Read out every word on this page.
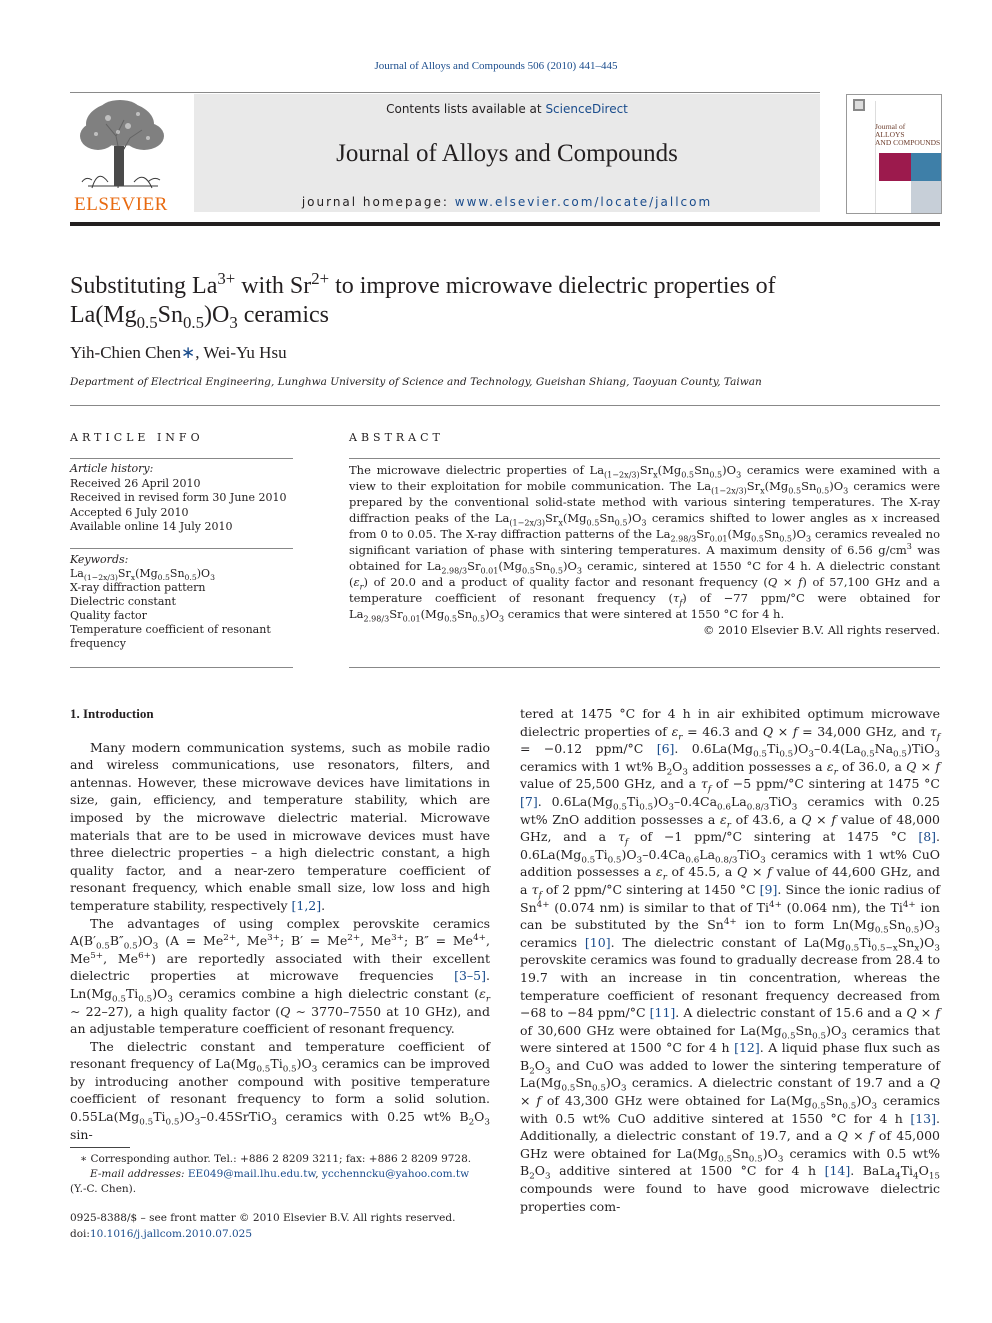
Journal of Alloys and Compounds 506 (2010) 441–445
ELSEVIER
Contents lists available at ScienceDirect
Journal of Alloys and Compounds
journal homepage: www.elsevier.com/locate/jallcom
Journal of
ALLOYS
AND COMPOUNDS
Substituting $La^{3+}$ with $Sr^{2+}$ to improve microwave dielectric properties of
$La(Mg_{0.5}Sn_{0.5})O_3$ ceramics
Yih-Chien Chen∗, Wei-Yu Hsu
Department of Electrical Engineering, Lunghwa University of Science and Technology, Gueishan Shiang, Taoyuan County, Taiwan
ARTICLE INFO	ABSTRACT
Article history:
Received 26 April 2010
Received in revised form 30 June 2010
Accepted 6 July 2010
Available online 14 July 2010
Keywords:
$La_{(1-2x/3)}Sr_x(Mg_{0.5}Sn_{0.5})O_3$
X-ray diffraction pattern
Dielectric constant
Quality factor
Temperature coefficient of resonant frequency
The microwave dielectric properties of $La_{(1-2x/3)}Sr_x(Mg_{0.5}Sn_{0.5})O_3$ ceramics were examined with a view to their exploitation for mobile communication. The $La_{(1-2x/3)}Sr_x(Mg_{0.5}Sn_{0.5})O_3$ ceramics were prepared by the conventional solid-state method with various sintering temperatures. The X-ray diffraction peaks of the $La_{(1-2x/3)}Sr_x(Mg_{0.5}Sn_{0.5})O_3$ ceramics shifted to lower angles as x increased from 0 to 0.05. The X-ray diffraction patterns of the $La_{2.98/3}Sr_{0.01}(Mg_{0.5}Sn_{0.5})O_3$ ceramics revealed no significant variation of phase with sintering temperatures. A maximum density of 6.56 $g/cm^3$ was obtained for $La_{2.98/3}Sr_{0.01}(Mg_{0.5}Sn_{0.5})O_3$ ceramic, sintered at 1550 °C for 4 h. A dielectric constant $(\varepsilon_r)$ of 20.0 and a product of quality factor and resonant frequency (Q × f) of 57,100 GHz and a temperature coefficient of resonant frequency $(\tau_f)$ of −77 ppm/°C were obtained for $La_{2.98/3}Sr_{0.01}(Mg_{0.5}Sn_{0.5})O_3$ ceramics that were sintered at 1550 °C for 4 h.
© 2010 Elsevier B.V. All rights reserved.
1. Introduction

Many modern communication systems, such as mobile radio and wireless communications, use resonators, filters, and antennas. However, these microwave devices have limitations in size, gain, efficiency, and temperature stability, which are imposed by the microwave dielectric material. Microwave materials that are to be used in microwave devices must have three dielectric properties – a high dielectric constant, a high quality factor, and a near-zero temperature coefficient of resonant frequency, which enable small size, low loss and high temperature stability, respectively [1,2].

The advantages of using complex perovskite ceramics $A(B'_{0.5}B''_{0.5})O_3$ ($A = Me^{2+}$, $Me^{3+}$; $B' = Me^{2+}$, $Me^{3+}$; $B'' = Me^{4+}$, $Me^{5+}$, $Me^{6+}$) are reportedly associated with their excellent dielectric properties at microwave frequencies [3–5]. $Ln(Mg_{0.5}Ti_{0.5})O_3$ ceramics combine a high dielectric constant ($\varepsilon_r$ ∼ 22–27), a high quality factor (Q ∼ 3770–7550 at 10 GHz), and an adjustable temperature coefficient of resonant frequency.

The dielectric constant and temperature coefficient of resonant frequency of $La(Mg_{0.5}Ti_{0.5})O_3$ ceramics can be improved by introducing another compound with positive temperature coefficient of resonant frequency to form a solid solution. $0.55La(Mg_{0.5}Ti_{0.5})O_3-0.45SrTiO_3$ ceramics with 0.25 wt% $B_2O_3$ sin-

tered at 1475 °C for 4 h in air exhibited optimum microwave dielectric properties of $\varepsilon_r = 46.3$ and Q × f = 34,000 GHz, and $\tau_f = -0.12$ ppm/°C [6]. $0.6La(Mg_{0.5}Ti_{0.5})O_3-0.4(La_{0.5}Na_{0.5})TiO_3$ ceramics with 1 wt% $B_2O_3$ addition possesses a $\varepsilon_r$ of 36.0, a Q × f value of 25,500 GHz, and a $\tau_f$ of −5 ppm/°C sintering at 1475 °C [7]. $0.6La(Mg_{0.5}Ti_{0.5})O_3-0.4Ca_{0.6}La_{0.8/3}TiO_3$ ceramics with 0.25 wt% ZnO addition possesses a $\varepsilon_r$ of 43.6, a Q × f value of 48,000 GHz, and a $\tau_f$ of −1 ppm/°C sintering at 1475 °C [8]. $0.6La(Mg_{0.5}Ti_{0.5})O_3-0.4Ca_{0.6}La_{0.8/3}TiO_3$ ceramics with 1 wt% CuO addition possesses a $\varepsilon_r$ of 45.5, a Q × f value of 44,600 GHz, and a $\tau_f$ of 2 ppm/°C sintering at 1450 °C [9]. Since the ionic radius of $Sn^{4+}$ (0.074 nm) is similar to that of $Ti^{4+}$ (0.064 nm), the $Ti^{4+}$ ion can be substituted by the $Sn^{4+}$ ion to form $Ln(Mg_{0.5}Sn_{0.5})O_3$ ceramics [10]. The dielectric constant of $La(Mg_{0.5}Ti_{0.5-x}Sn_x)O_3$ perovskite ceramics was found to gradually decrease from 28.4 to 19.7 with an increase in tin concentration, whereas the temperature coefficient of resonant frequency decreased from −68 to −84 ppm/°C [11]. A dielectric constant of 15.6 and a Q × f of 30,600 GHz were obtained for $La(Mg_{0.5}Sn_{0.5})O_3$ ceramics that were sintered at 1500 °C for 4 h [12]. A liquid phase flux such as $B_2O_3$ and CuO was added to lower the sintering temperature of $La(Mg_{0.5}Sn_{0.5})O_3$ ceramics. A dielectric constant of 19.7 and a Q × f of 43,300 GHz were obtained for $La(Mg_{0.5}Sn_{0.5})O_3$ ceramics with 0.5 wt% CuO additive sintered at 1550 °C for 4 h [13]. Additionally, a dielectric constant of 19.7, and a Q × f of 45,000 GHz were obtained for $La(Mg_{0.5}Sn_{0.5})O_3$ ceramics with 0.5 wt% $B_2O_3$ additive sintered at 1500 °C for 4 h [14]. $BaLa_4Ti_4O_{15}$ compounds were found to have good microwave dielectric properties com-

∗ Corresponding author. Tel.: +886 2 8209 3211; fax: +886 2 8209 9728.
E-mail addresses: EE049@mail.lhu.edu.tw, ycchenncku@yahoo.com.tw
(Y.-C. Chen).
0925-8388/$ – see front matter © 2010 Elsevier B.V. All rights reserved.
doi:10.1016/j.jallcom.2010.07.025
